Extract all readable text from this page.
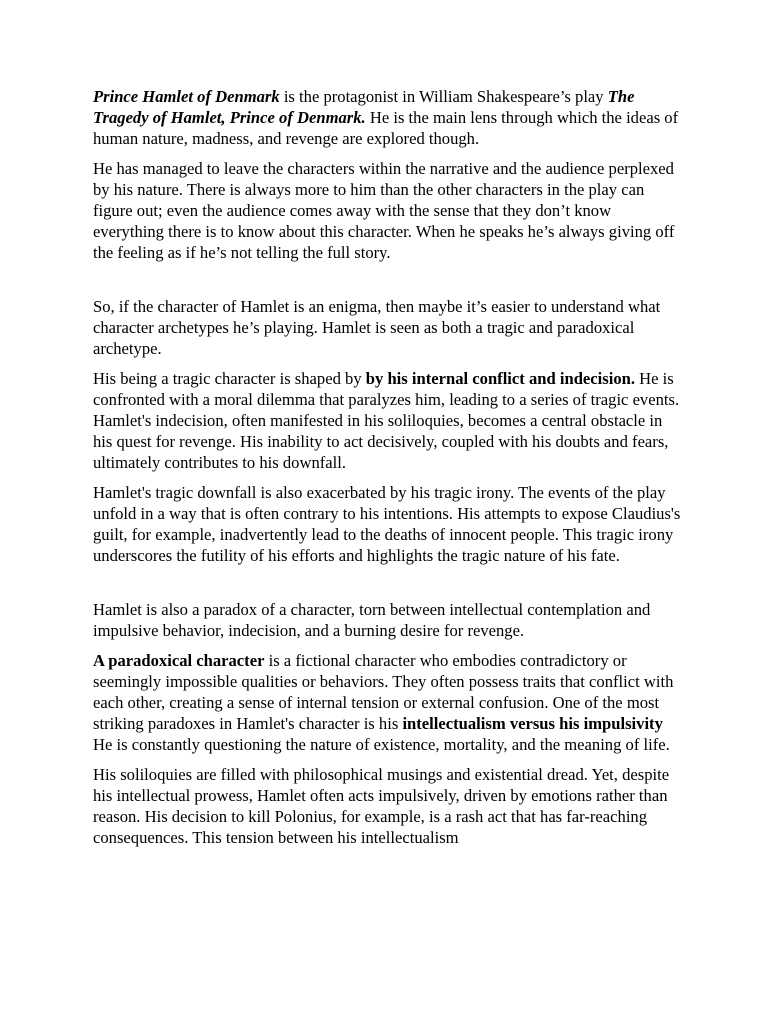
Prince Hamlet of Denmark is the protagonist in William Shakespeare’s play The Tragedy of Hamlet, Prince of Denmark. He is the main lens through which the ideas of human nature, madness, and revenge are explored though.

He has managed to leave the characters within the narrative and the audience perplexed by his nature. There is always more to him than the other characters in the play can figure out; even the audience comes away with the sense that they don’t know everything there is to know about this character. When he speaks he’s always giving off the feeling as if he’s not telling the full story.

So, if the character of Hamlet is an enigma, then maybe it’s easier to understand what character archetypes he’s playing. Hamlet is seen as both a tragic and paradoxical archetype.

His being a tragic character is shaped by by his internal conflict and indecision. He is confronted with a moral dilemma that paralyzes him, leading to a series of tragic events. Hamlet's indecision, often manifested in his soliloquies, becomes a central obstacle in his quest for revenge. His inability to act decisively, coupled with his doubts and fears, ultimately contributes to his downfall.

Hamlet's tragic downfall is also exacerbated by his tragic irony. The events of the play unfold in a way that is often contrary to his intentions. His attempts to expose Claudius's guilt, for example, inadvertently lead to the deaths of innocent people. This tragic irony underscores the futility of his efforts and highlights the tragic nature of his fate.

Hamlet is also a paradox of a character, torn between intellectual contemplation and impulsive behavior, indecision, and a burning desire for revenge.

A paradoxical character is a fictional character who embodies contradictory or seemingly impossible qualities or behaviors. They often possess traits that conflict with each other, creating a sense of internal tension or external confusion. One of the most striking paradoxes in Hamlet's character is his intellectualism versus his impulsivity He is constantly questioning the nature of existence, mortality, and the meaning of life.

His soliloquies are filled with philosophical musings and existential dread. Yet, despite his intellectual prowess, Hamlet often acts impulsively, driven by emotions rather than reason. His decision to kill Polonius, for example, is a rash act that has far-reaching consequences. This tension between his intellectualism
